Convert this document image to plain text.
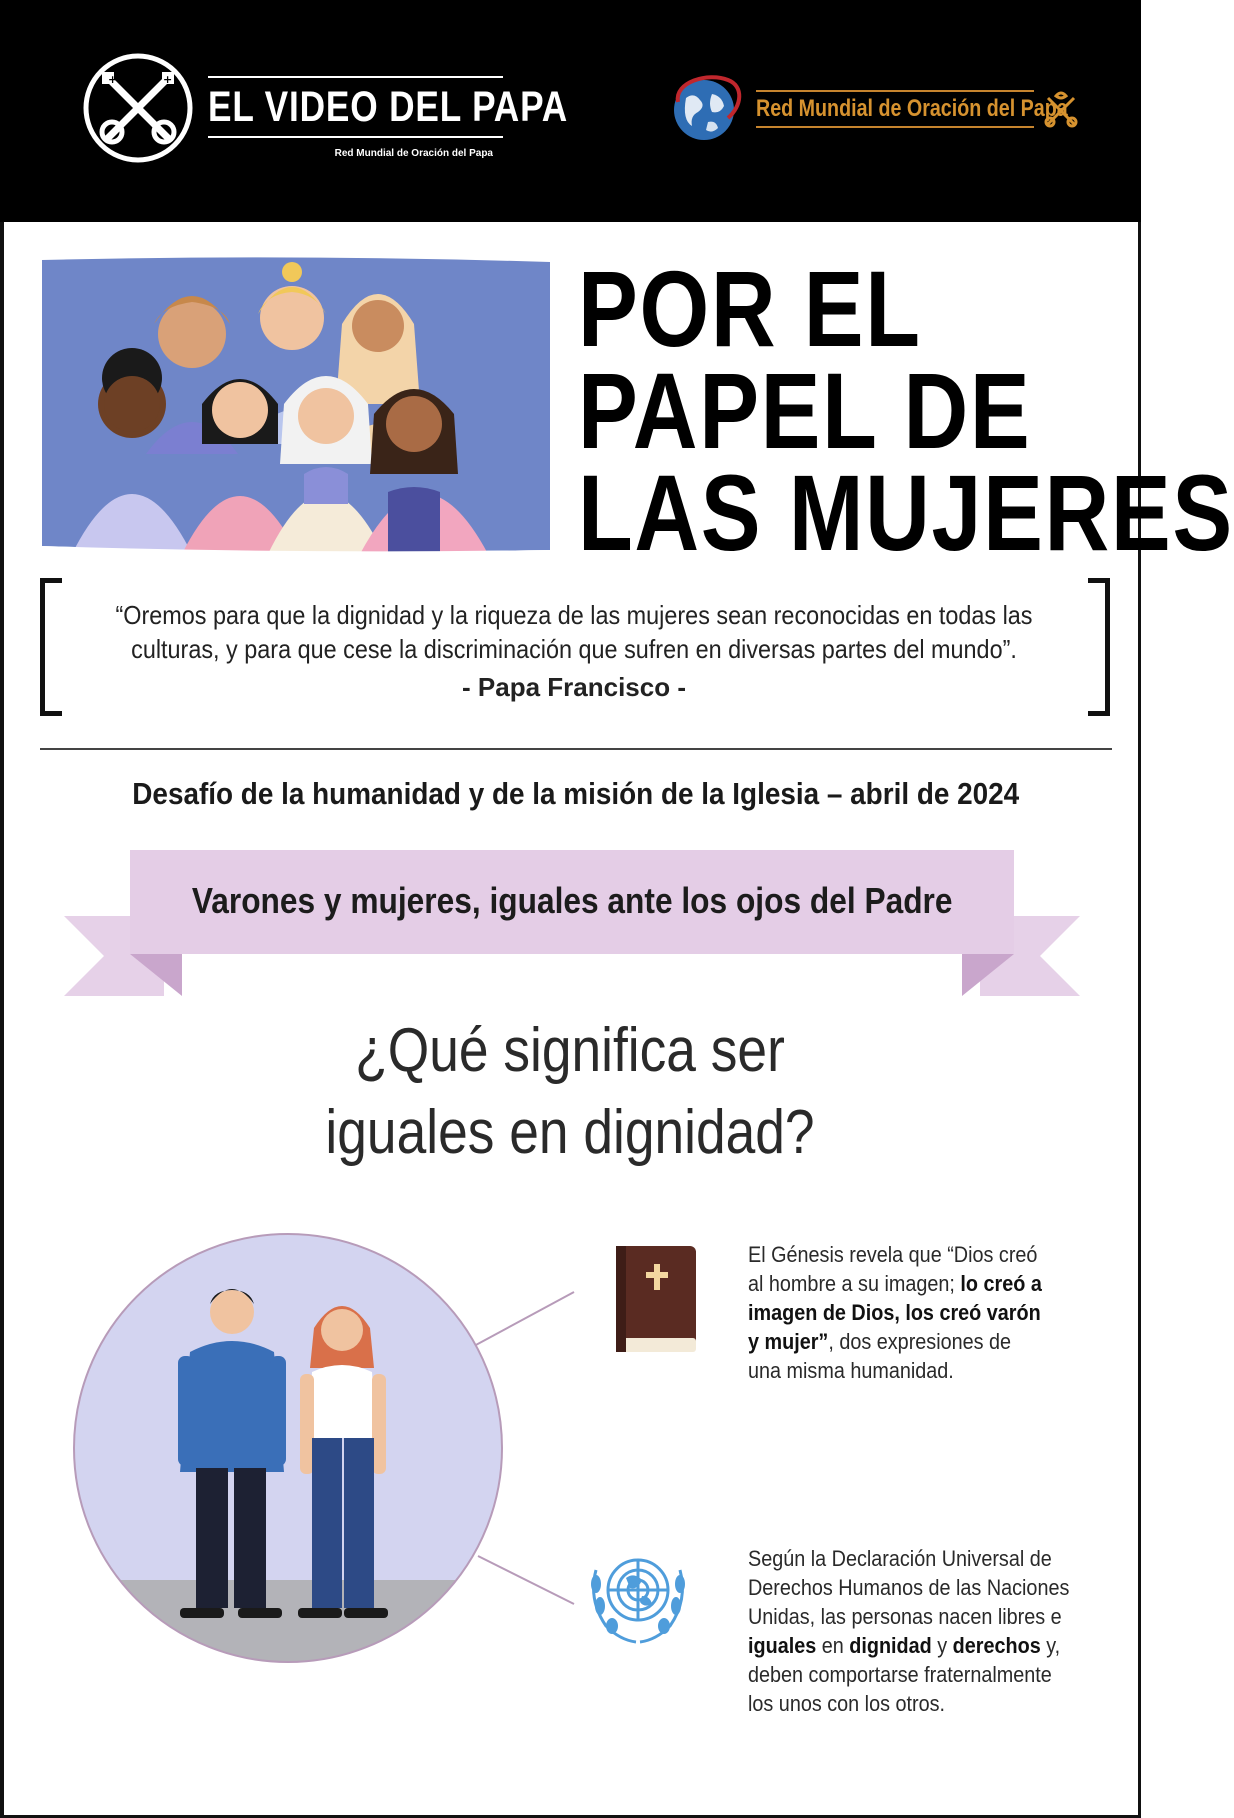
+	+
EL VIDEO DEL PAPA
Red Mundial de Oración del Papa
Red Mundial de Oración del Papa
POR EL
PAPEL DE
LAS MUJERES
“Oremos para que la dignidad y la riqueza de las mujeres sean reconocidas en todas las culturas, y para que cese la discriminación que sufren en diversas partes del mundo”.
- Papa Francisco -
Desafío de la humanidad y de la misión de la Iglesia – abril de 2024
Varones y mujeres, iguales ante los ojos del Padre
¿Qué significa ser
iguales en dignidad?
El Génesis revela que “Dios creó al hombre a su imagen; lo creó a imagen de Dios, los creó varón y mujer”, dos expresiones de una misma humanidad.
Según la Declaración Universal de Derechos Humanos de las Naciones Unidas, las personas nacen libres e iguales en dignidad y derechos y, deben comportarse fraternalmente los unos con los otros.
